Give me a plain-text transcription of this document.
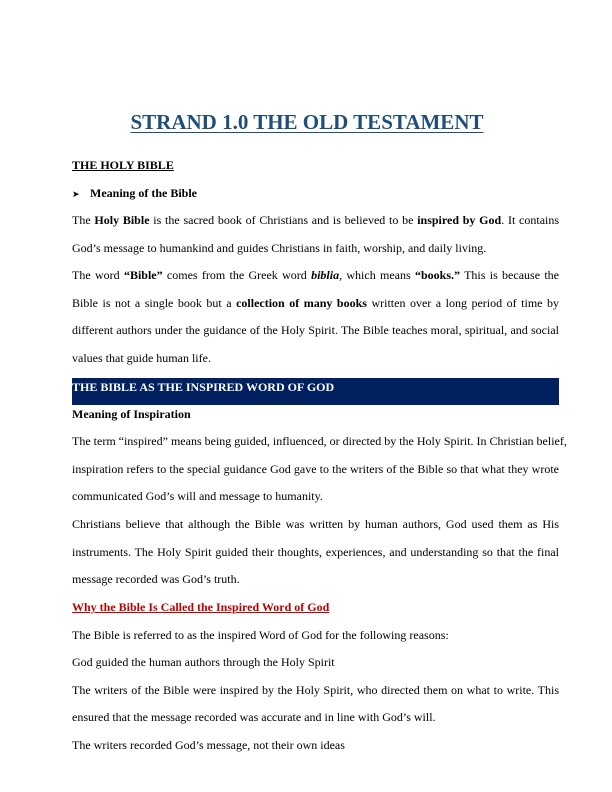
STRAND 1.0 THE OLD TESTAMENT
THE HOLY BIBLE
➤ Meaning of the Bible
The Holy Bible is the sacred book of Christians and is believed to be inspired by God. It contains
God’s message to humankind and guides Christians in faith, worship, and daily living.
The word “Bible” comes from the Greek word biblia, which means “books.” This is because the
Bible is not a single book but a collection of many books written over a long period of time by
different authors under the guidance of the Holy Spirit. The Bible teaches moral, spiritual, and social
values that guide human life.
THE BIBLE AS THE INSPIRED WORD OF GOD
Meaning of Inspiration
The term “inspired” means being guided, influenced, or directed by the Holy Spirit. In Christian belief,
inspiration refers to the special guidance God gave to the writers of the Bible so that what they wrote
communicated God’s will and message to humanity.
Christians believe that although the Bible was written by human authors, God used them as His
instruments. The Holy Spirit guided their thoughts, experiences, and understanding so that the final
message recorded was God’s truth.
Why the Bible Is Called the Inspired Word of God
The Bible is referred to as the inspired Word of God for the following reasons:
God guided the human authors through the Holy Spirit
The writers of the Bible were inspired by the Holy Spirit, who directed them on what to write. This
ensured that the message recorded was accurate and in line with God’s will.
The writers recorded God’s message, not their own ideas
